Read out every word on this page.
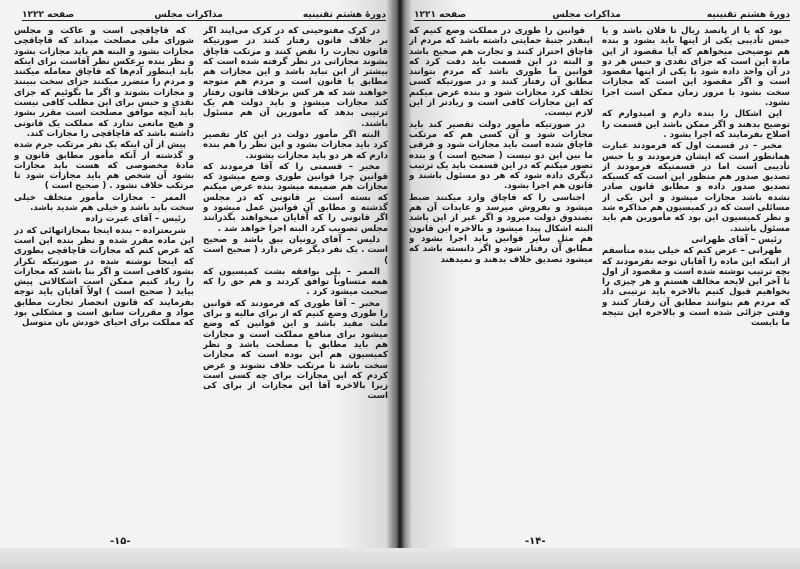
دورهٔ هشتم تقنینیه
مذاکرات مجلس
صفحه ۱۲۲۲

که قاچاقچی است و عاکت و مجلس شورای ملی مصلحت میداند که قاچاقچی مجازات بشود و البته هم باید مجازات بشود و نظر بنده برعکس نظر آقاست برای اینکه باید اینطور آدم‌ها که قاچاق معامله میکنند و مردم را متضرر میکنند جزای سخت ببینند و مجازات بشوند و اگر ما بگوئیم که جزای نقدی و حبس برای این مطلب کافی نیست باید آنچه موافق مصلحت است مقرر بشود و هیچ مانعی ندارد که مملکت یک قانونی داشته باشد که قاچاقچی را مجازات کند.

پیش از آن اینکه یک نفر مرتکب جرم شده و گذشته از آنکه مأمور مطابق قانون و مادهٔ مخصوصی که هست باید مجازات بشود آن شخص هم باید مجازات شود تا مرتکب خلاف نشود . ( صحیح است )

الممر – مجازات مأمور متخلف خیلی سخت باید باشد و خیلی هم شدید باشد.

رئیس – آقای عبرت زاده

شریعتزاده – بنده اینجا بمجازاتهائی که در این ماده مقرر شده و نظر بنده این است که عرض کنم که مجازات قاچاقچی بطوری که اینجا نوشته شده در صورتیکه تکرار بشود کافی است و اگر بنا باشد که مجازات را زیاد کنیم ممکن است اشکالاتی پیش بیاید ( صحیح است ) اولاً آقایان باید توجه بفرمایند که قانون انحصار تجارت مطابق مواد و مقررات سابق است و مشکلی بود که مملکت برای احیای خودش بان متوسل

در کرک مفتوحیتی که در کرک می‌آیند اگر بر خلاف قانون رفتار کنند در صورتیکه قانون تجارت را نقض کنند و مرتکب قاچاق بشوند مجازاتی در نظر گرفته شده است که بیشتر از این نباید باشد و این مجازات هم مطابق با قانون است و مردم هم متوجه خواهند شد که هر کس برخلاف قانون رفتار کند مجازات میشود و باید دولت هم یک ترتیبی بدهد که مأمورین آن هم مسئول باشند.

البته اگر مأمور دولت در این کار تقصیر کرد باید مجازات بشود و این نظر را هم بنده دارم که هر دو باید مجازات بشوند.

مخبر – قسمتی را که آقا فرمودند که قوانین چرا قوانین طوری وضع میشود که مجازات هم ضمیمه میشود بنده عرض میکنم که بسته است بر قانونی که در مجلس گذشته و مطابق آن قوانین عمل میشود و اگر قانونی را که آقایان میخواهند بگذرانند مجلس تصویب کرد البته اجرا خواهد شد .

دلیس – آقای رونیان بیق باشد و صحیح است . یک نفر دیگر عرض دارد ( صحیح است )

الممر – بلی بوافقه بشت کمیسیون که همه متساویاً توافق کردند و هم حق را که صحبت میشود کرد .

مخبر – آقا طوری که فرمودند که قوانین را طوری وضع کنیم که از برای مالیه و برای ملت مفید باشد و این قوانین که وضع میشود برای منافع مملکت است و مجازات هم باید مطابق با مصلحت باشد و نظر کمیسیون هم این بوده است که مجازات سخت باشد تا مرتکب خلاف نشوند و عرض کردم که این مجازات برای چه کسی است زیرا بالاخره آقا این مجازات از برای کی است

-۱۵-
دورهٔ هشتم تقنینیه
مذاکرات مجلس
صفحه ۱۲۲۱

قوانین را طوری در مملکت وضع کنیم که اینقدر جنبهٔ حمایتی داشته باشد که مردم از قاچاق احتراز کنند و تجارت هم صحیح باشد و البته در این قسمت باید دقت کرد که قوانین ما طوری باشد که مردم بتوانند مطابق آن رفتار کنند و در صورتیکه کسی تخلف کرد مجازات شود و بنده عرض میکنم که این مجازات کافی است و زیادتر از این لازم نیست.

در صورتیکه مأمور دولت تقصیر کند باید مجازات شود و آن کسی هم که مرتکب قاچاق شده است باید مجازات شود و فرقی ما بین این دو نیست ( صحیح است ) و بنده تصور میکنم که در این قسمت باید یک ترتیب دیگری داده شود که هر دو مسئول باشند و قانون هم اجرا بشود.

اجناسی را که قاچاق وارد میکنند ضبط میشود و بفروش میرسد و عایدات آن هم بصندوق دولت میرود و اگر غیر از این باشد البته اشکال پیدا میشود و بالاخره این قانون هم مثل سایر قوانین باید اجرا بشود و مطابق آن رفتار شود و اگر دانسته باشد که میشود تصدیق خلاف بدهند و نمیدهند

بود که یا از پانصد ریال تا فلان باشد و یا حبس تأدیبی یکی از اینها باید بشود و بنده هم توضیحی میخواهم که آیا مقصود از این ماده این است که جزای نقدی و حبس هر دو در آن واحد داده شود یا یکی از اینها مقصود است و اگر مقصود این است که مجازات سخت بشود با مرور زمان ممکن است اجرا نشود.

این اشکال را بنده دارم و امیدوارم که توضیح بدهند و اگر ممکن باشد این قسمت را اصلاح بفرمایند که اجرا بشود .

مخبر – در قسمت اول که فرمودند عبارت همانطور است که ایشان فرمودند و یا حبس تأدیبی است اما در قسمتیکه فرمودند از تصدیق صدور هم منظور این است که کسیکه تصدیق صدور داده و مطابق قانون صادر نشده باشد مجازات میشود و این یکی از مسائلی است که در کمیسیون هم مذاکره شد و نظر کمیسیون این بود که مأمورین هم باید مسئول باشند.

رئیس – آقای طهرانی

طهرانی – عرض کنم که خیلی بنده متأسفم از اینکه این ماده را آقایان توجه نفرمودند که بچه ترتیب نوشته شده است و مقصود از اول تا آخر این لایحه مخالف هستم و هر چیزی را بخواهیم قبول کنیم بالاخره باید ترتیبی داد که مردم هم بتوانند مطابق آن رفتار کنند و وقتی جزائی شده است و بالاخره این نتیجه ما بایست

-۱۴-
